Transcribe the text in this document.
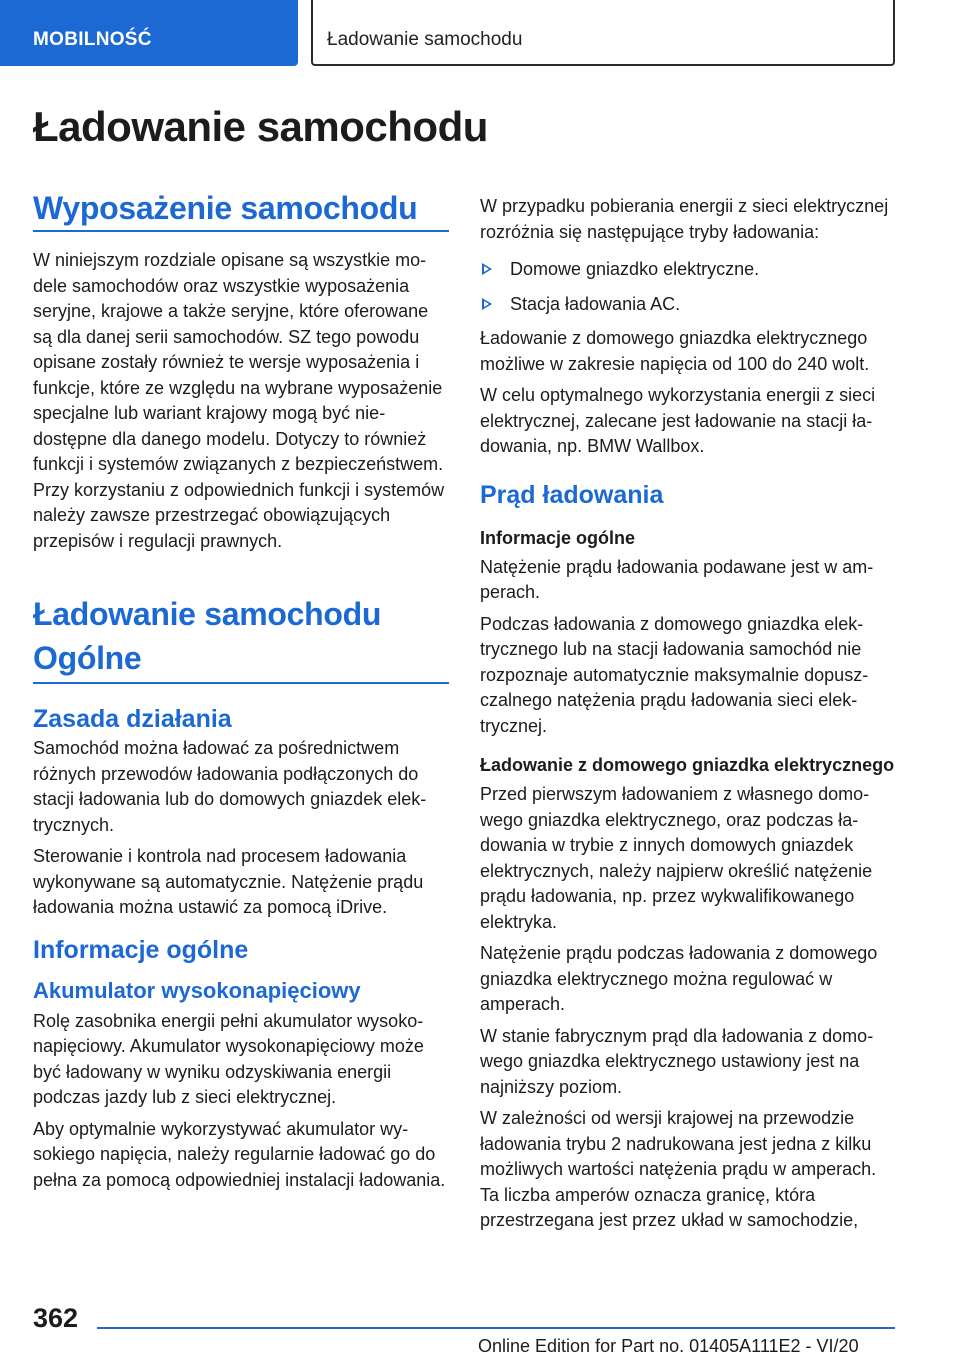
MOBILNOŚĆ	Ładowanie samochodu
Ładowanie samochodu
Wyposażenie samochodu

W niniejszym rozdziale opisane są wszystkie modele samochodów oraz wszystkie wyposażenia seryjne, krajowe a także seryjne, które oferowane są dla danej serii samochodów. SZ tego powodu opisane zostały również te wersje wyposażenia i funkcje, które ze względu na wybrane wyposażenie specjalne lub wariant krajowy mogą być niedostępne dla danego modelu. Dotyczy to również funkcji i systemów związanych z bezpieczeństwem. Przy korzystaniu z odpowiednich funkcji i systemów należy zawsze przestrzegać obowiązujących przepisów i regulacji prawnych.

Ładowanie samochodu
Ogólne
Zasada działania

Samochód można ładować za pośrednictwem różnych przewodów ładowania podłączonych do stacji ładowania lub do domowych gniazdek elektrycznych.

Sterowanie i kontrola nad procesem ładowania wykonywane są automatycznie. Natężenie prądu ładowania można ustawić za pomocą iDrive.

Informacje ogólne
Akumulator wysokonapięciowy

Rolę zasobnika energii pełni akumulator wysokonapięciowy. Akumulator wysokonapięciowy może być ładowany w wyniku odzyskiwania energii podczas jazdy lub z sieci elektrycznej.

Aby optymalnie wykorzystywać akumulator wysokiego napięcia, należy regularnie ładować go do pełna za pomocą odpowiedniej instalacji ładowania.

W przypadku pobierania energii z sieci elektrycznej rozróżnia się następujące tryby ładowania:

Domowe gniazdko elektryczne.
Stacja ładowania AC.

Ładowanie z domowego gniazdka elektrycznego możliwe w zakresie napięcia od 100 do 240 wolt.

W celu optymalnego wykorzystania energii z sieci elektrycznej, zalecane jest ładowanie na stacji ładowania, np. BMW Wallbox.

Prąd ładowania
Informacje ogólne

Natężenie prądu ładowania podawane jest w amperach.

Podczas ładowania z domowego gniazdka elektrycznego lub na stacji ładowania samochód nie rozpoznaje automatycznie maksymalnie dopuszczalnego natężenia prądu ładowania sieci elektrycznej.

Ładowanie z domowego gniazdka elektrycznego

Przed pierwszym ładowaniem z własnego domowego gniazdka elektrycznego, oraz podczas ładowania w trybie z innych domowych gniazdek elektrycznych, należy najpierw określić natężenie prądu ładowania, np. przez wykwalifikowanego elektryka.

Natężenie prądu podczas ładowania z domowego gniazdka elektrycznego można regulować w amperach.

W stanie fabrycznym prąd dla ładowania z domowego gniazdka elektrycznego ustawiony jest na najniższy poziom.

W zależności od wersji krajowej na przewodzie ładowania trybu 2 nadrukowana jest jedna z kilku możliwych wartości natężenia prądu w amperach. Ta liczba amperów oznacza granicę, która przestrzegana jest przez układ w samochodzie,

362
Online Edition for Part no. 01405A111E2 - VI/20
